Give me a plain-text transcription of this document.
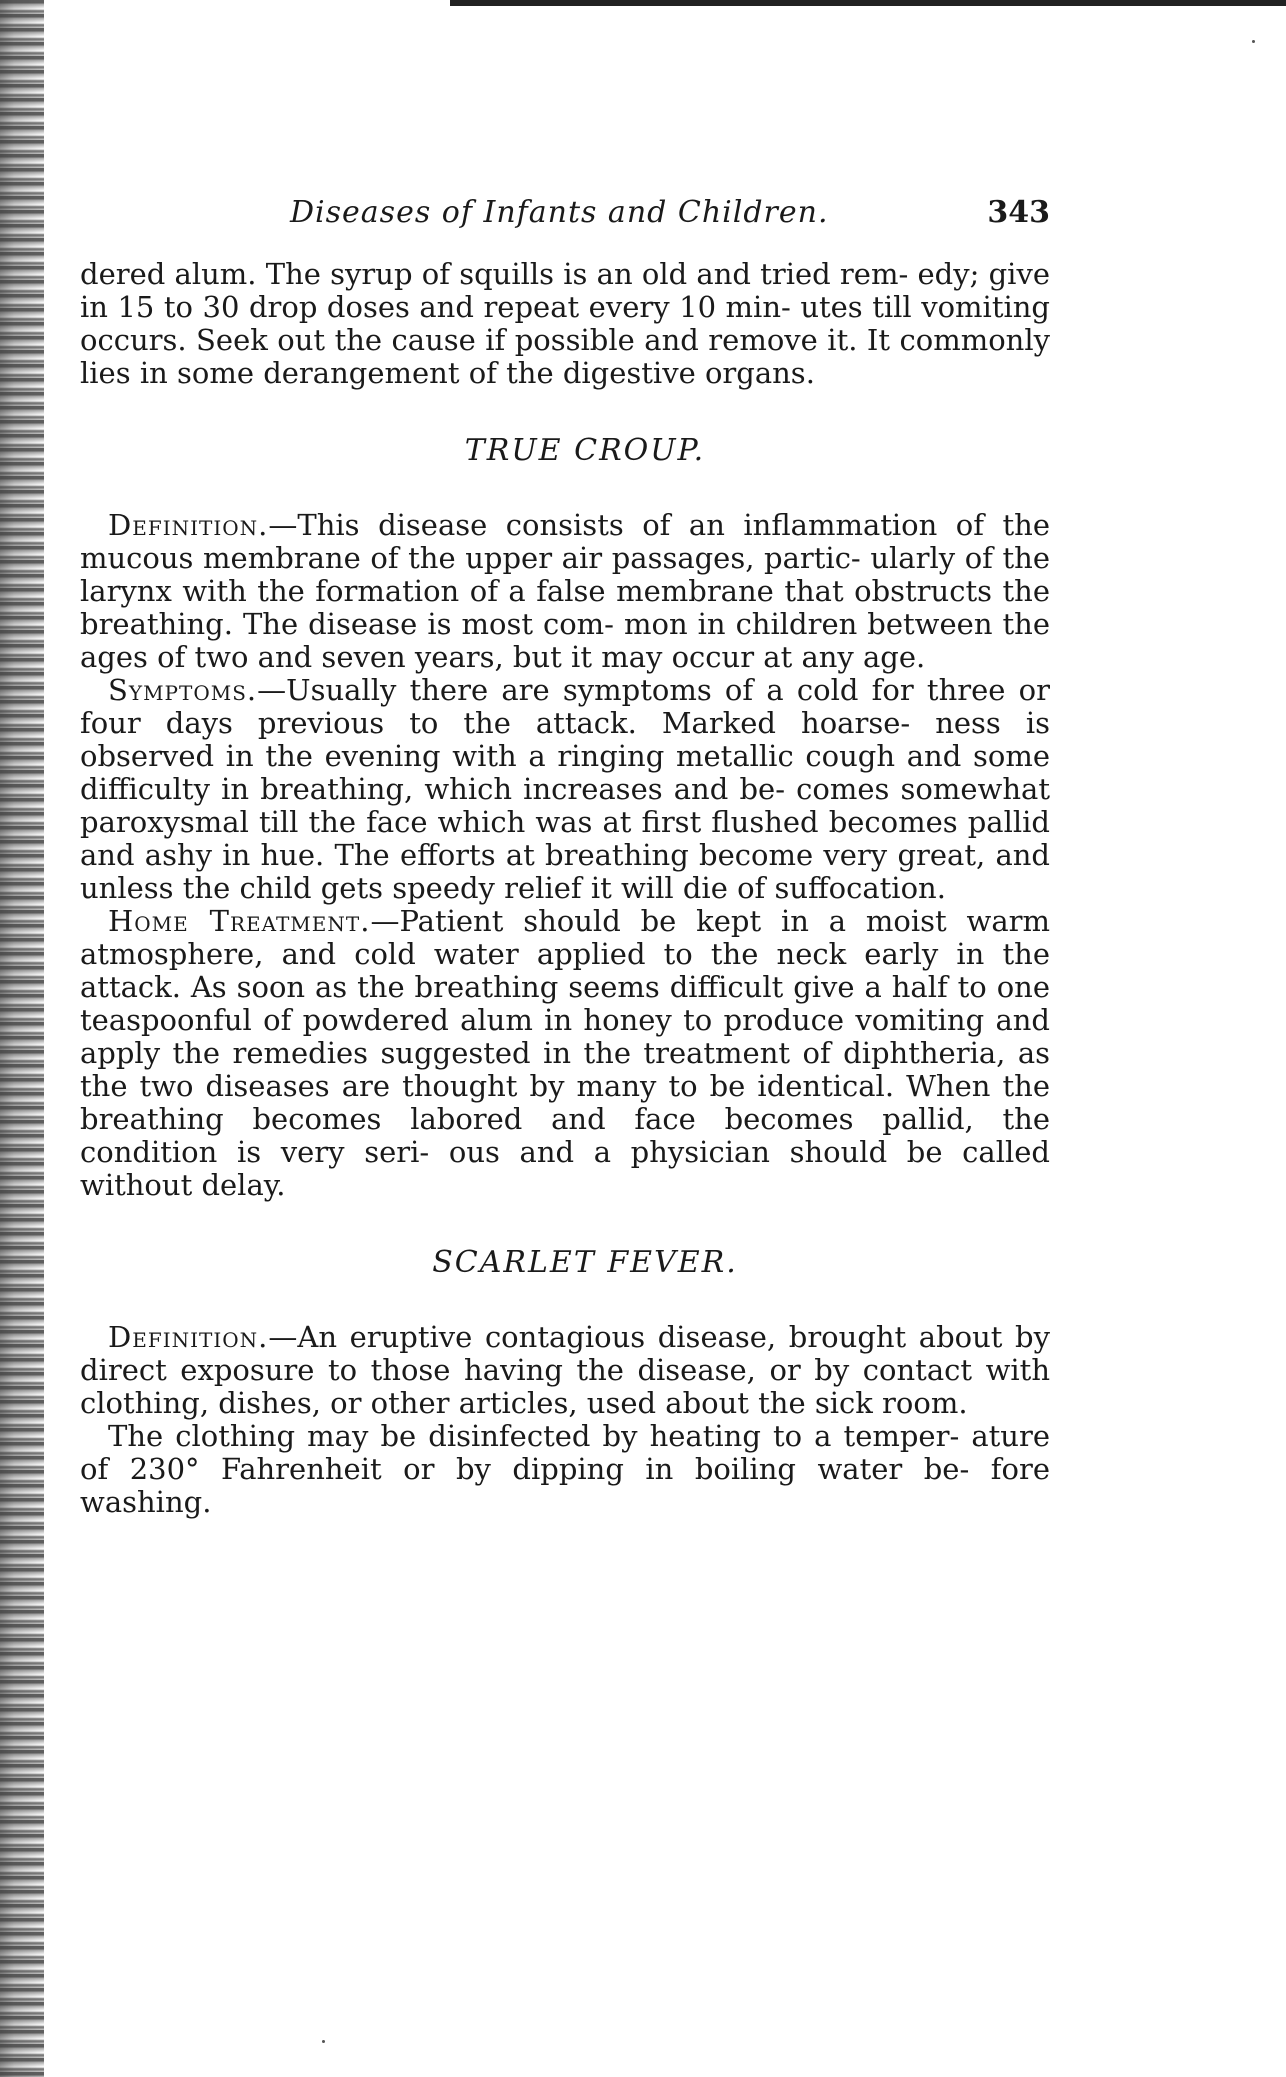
Diseases of Infants and Children.	343

dered alum. The syrup of squills is an old and tried rem- edy; give in 15 to 30 drop doses and repeat every 10 min- utes till vomiting occurs. Seek out the cause if possible and remove it. It commonly lies in some derangement of the digestive organs.

TRUE CROUP.

Definition.—This disease consists of an inflammation of the mucous membrane of the upper air passages, partic- ularly of the larynx with the formation of a false membrane that obstructs the breathing. The disease is most com- mon in children between the ages of two and seven years, but it may occur at any age.

Symptoms.—Usually there are symptoms of a cold for three or four days previous to the attack. Marked hoarse- ness is observed in the evening with a ringing metallic cough and some difficulty in breathing, which increases and be- comes somewhat paroxysmal till the face which was at first flushed becomes pallid and ashy in hue. The efforts at breathing become very great, and unless the child gets speedy relief it will die of suffocation.

Home Treatment.—Patient should be kept in a moist warm atmosphere, and cold water applied to the neck early in the attack. As soon as the breathing seems difficult give a half to one teaspoonful of powdered alum in honey to produce vomiting and apply the remedies suggested in the treatment of diphtheria, as the two diseases are thought by many to be identical. When the breathing becomes labored and face becomes pallid, the condition is very seri- ous and a physician should be called without delay.

SCARLET FEVER.

Definition.—An eruptive contagious disease, brought about by direct exposure to those having the disease, or by contact with clothing, dishes, or other articles, used about the sick room.

The clothing may be disinfected by heating to a temper- ature of 230° Fahrenheit or by dipping in boiling water be- fore washing.
